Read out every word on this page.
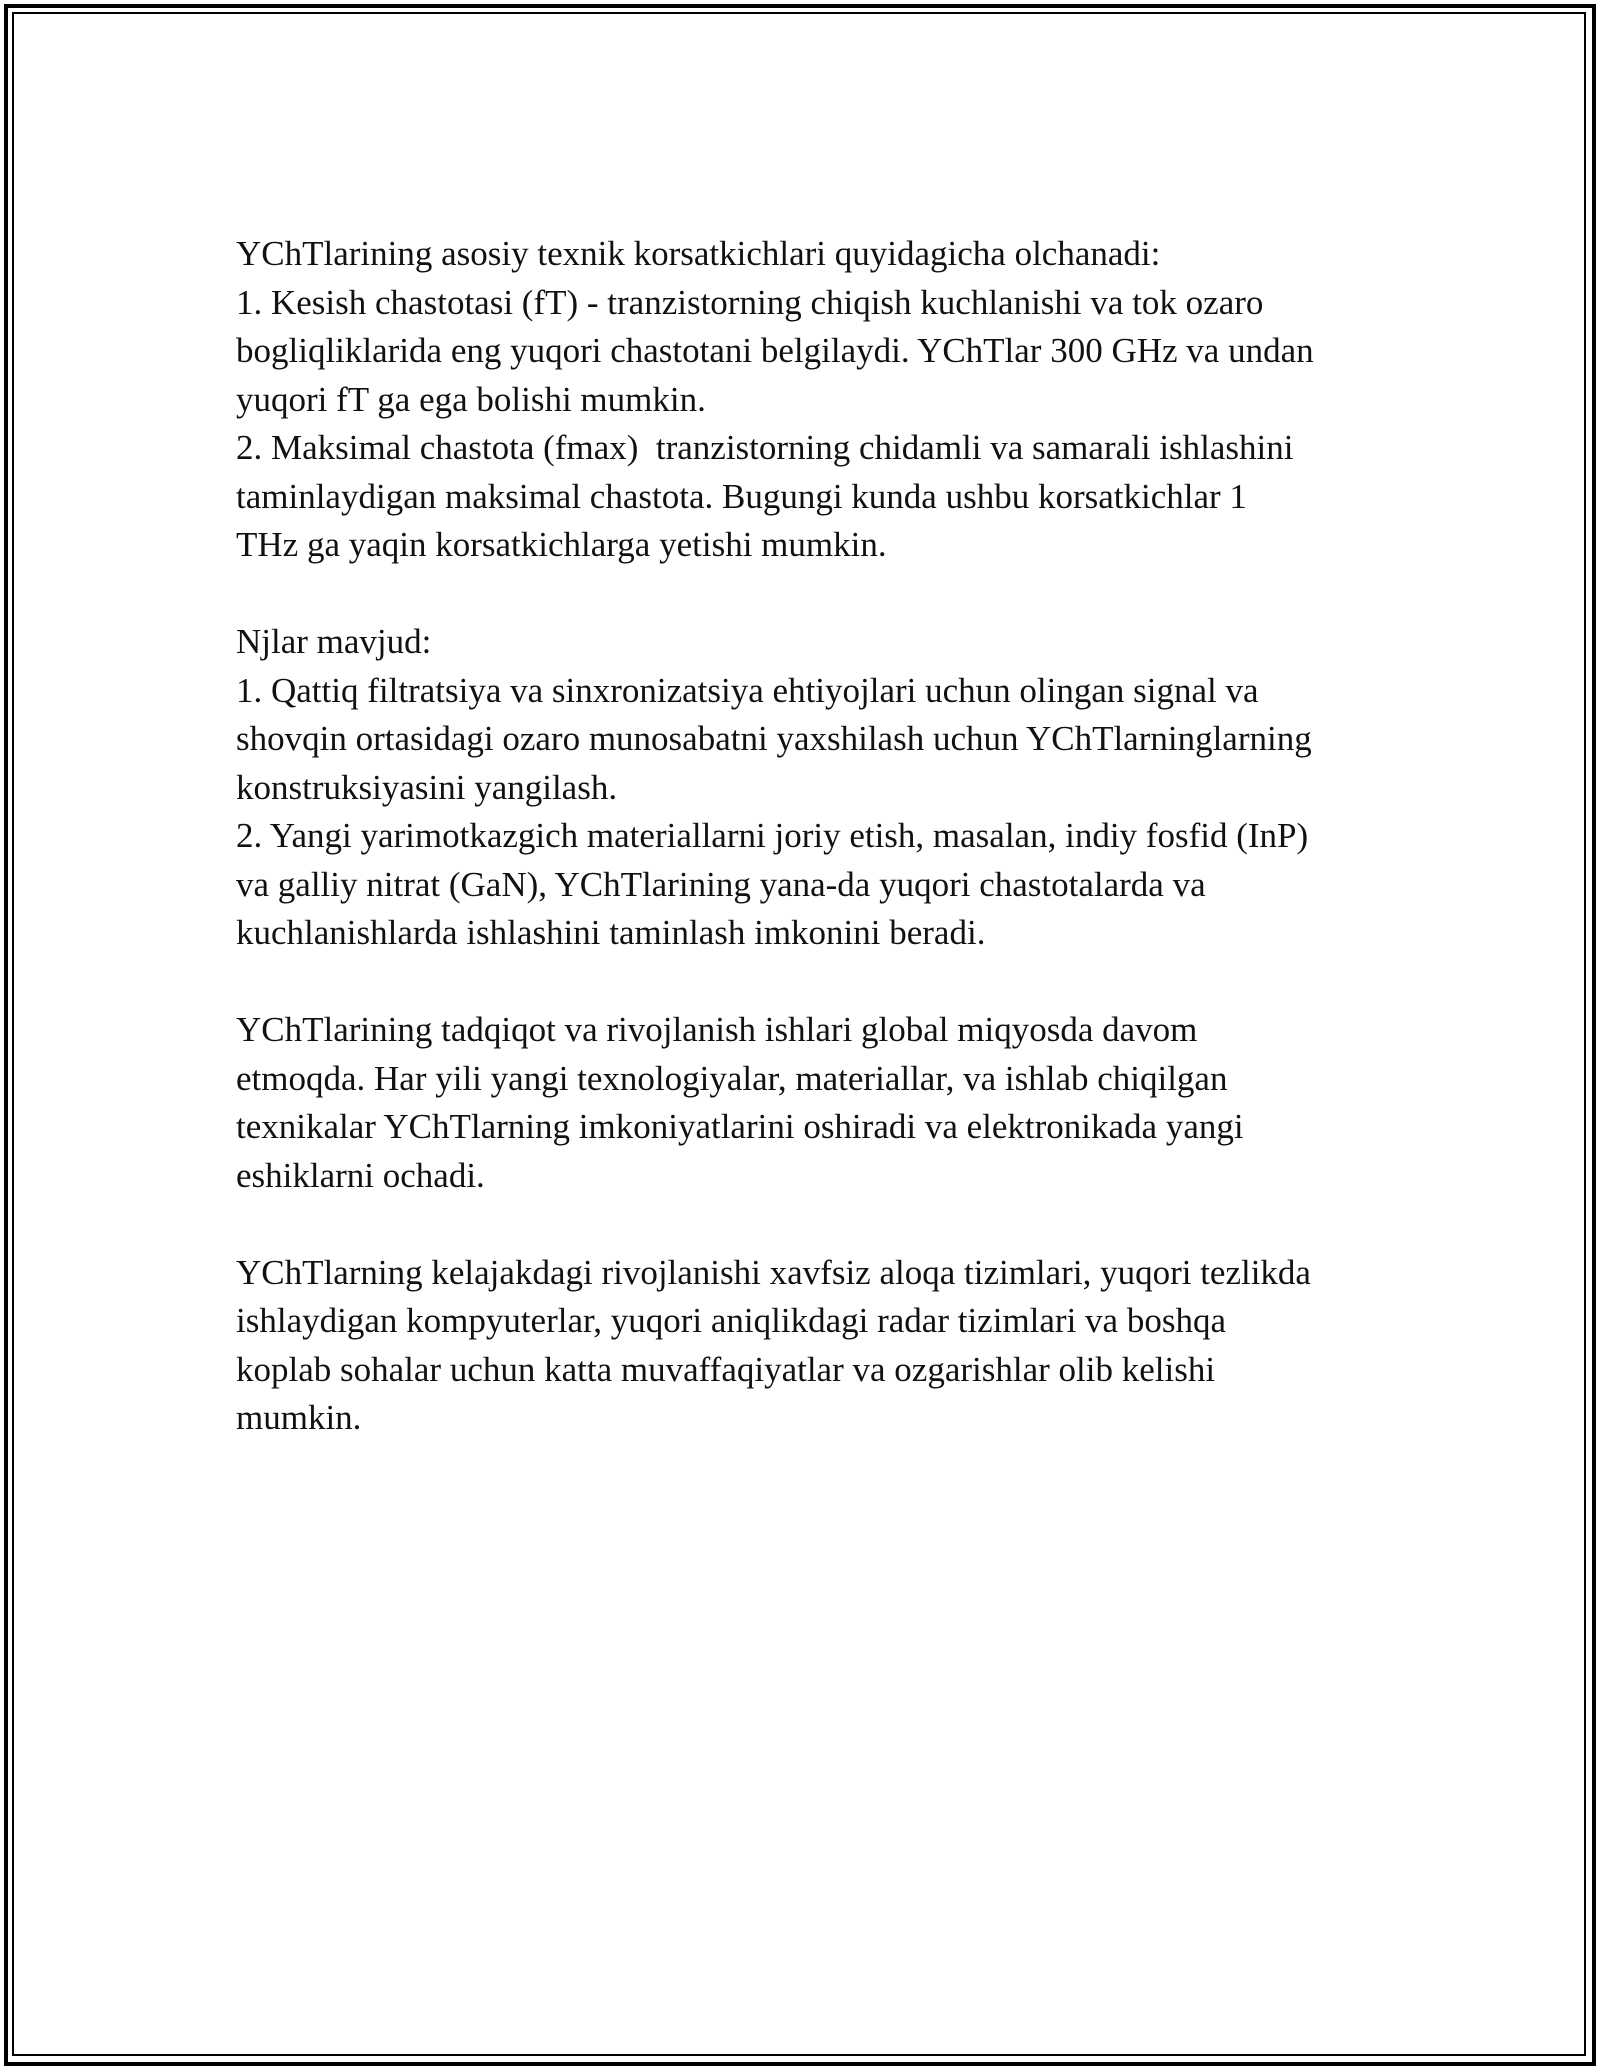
YChTlarining asosiy texnik korsatkichlari quyidagicha olchanadi:
1. Kesish chastotasi (fT) - tranzistorning chiqish kuchlanishi va tok ozaro
bogliqliklarida eng yuqori chastotani belgilaydi. YChTlar 300 GHz va undan
yuqori fT ga ega bolishi mumkin.
2. Maksimal chastota (fmax)  tranzistorning chidamli va samarali ishlashini
taminlaydigan maksimal chastota. Bugungi kunda ushbu korsatkichlar 1
THz ga yaqin korsatkichlarga yetishi mumkin.
Njlar mavjud:
1. Qattiq filtratsiya va sinxronizatsiya ehtiyojlari uchun olingan signal va
shovqin ortasidagi ozaro munosabatni yaxshilash uchun YChTlarninglarning
konstruksiyasini yangilash.
2. Yangi yarimotkazgich materiallarni joriy etish, masalan, indiy fosfid (InP)
va galliy nitrat (GaN), YChTlarining yana-da yuqori chastotalarda va
kuchlanishlarda ishlashini taminlash imkonini beradi.
YChTlarining tadqiqot va rivojlanish ishlari global miqyosda davom
etmoqda. Har yili yangi texnologiyalar, materiallar, va ishlab chiqilgan
texnikalar YChTlarning imkoniyatlarini oshiradi va elektronikada yangi
eshiklarni ochadi.
YChTlarning kelajakdagi rivojlanishi xavfsiz aloqa tizimlari, yuqori tezlikda
ishlaydigan kompyuterlar, yuqori aniqlikdagi radar tizimlari va boshqa
koplab sohalar uchun katta muvaffaqiyatlar va ozgarishlar olib kelishi
mumkin.
